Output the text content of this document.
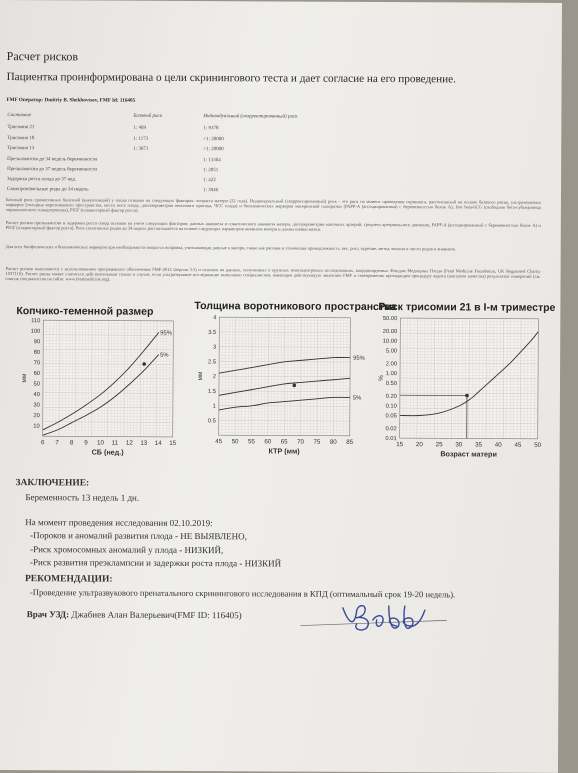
Расчет рисков
Пациентка проинформирована о цели скринингового теста и дает согласие на его проведение.
FMF Оператор: Dmitriy B. Shekhovtsov, FMF Id: 116405
Состояние	Базовый риск	Индивидуальный (скорректированный) риск
Трисомия 21	1: 469	1: 9378
Трисомия 18	1: 1173	<1: 20000
Трисомия 13	1: 3671	<1: 20000
Преэклампсия до 34 недель беременности	1: 13304
Преэклампсия до 37 недель беременности	1: 2051
Задержка роста плода до 37 нед.	1: 422
Самопроизвольные роды до 34 недель	1: 3946
Базовый риск хромосомных болезней (анеуплоидий) у плода основан на следующих факторах: возраста матери (32 года). Индивидуальный (скорректированный) риск - это риск на момент проведения скрининга, рассчитанный на основе базового риска, ультразвуковых маркеров (толщина воротникового пространства, кости носа плода, допплерометрия венозного протока, ЧСС плода) и биохимических маркеров материнской сыворотки (PAPP-A (ассоциированный с беременностью белок А), free beta-hCG (свободная бета-субъединица хорионического гонадотропина), PlGF (плацентарный фактор роста).
Расчет рисков преэклампсии и задержки роста плода основан на учете следующих факторов: данных анамнеза и соматического анамнеза матери, допплерометрии маточных артерий, среднего артериального давления, PAPP-A (ассоциированный с беременностью белок А) и PlGF (плацентарный фактор роста). Риск спонтанных родов до 34 недель рассчитывается на основе следующих параметров анамнеза матери и длины шейки матки.
Для всех биофизических и биохимических маркеров при необходимости вводится поправка, учитывающая данные о матери, такие как расовая и этническая принадлежность, вес, рост, курение, метод зачатия и число родов в анамнезе.
Расчет рисков выполняется с использованием программного обеспечения FMF-2012 (версия 3.5) и основан на данных, полученных в крупных многоцентровых исследованиях, координируемых Фондом Медицины Плода (Fetal Medicine Foundation, UK Registered Charity 1037116). Расчет риска может считаться действительным только в случае, если ультразвуковое исследование выполнено специалистом, имеющим действующую лицензию FMF и своевременно проходящим процедуру аудита (контроля качества) результатов измерений (см. список специалистов на сайте: www.fetalmedicine.org).
Копчико-теменной размер	Толщина воротникового пространства
Риск трисомии 21 в I-м триместре
6 7 8 9 10 11 12 13 14 15
10
20
30
40
50
60
70
80
90
100
110
СБ (нед.)
мм
95%
5%
45 50 55 60 65 70 75 80 85
0.5
1
1.5
2
2.5
3
3.5
4
КТР (мм)
мм
95%
5%
15 20 25 30 35 40 45 50
0.01
0.02
0.05
0.10
0.20
0.50
1.00
2.00
5.00
10.00
20.00
50.00
Возраст матери
%
ЗАКЛЮЧЕНИЕ:
Беременность 13 недель 1 дн.
На момент проведения исследования 02.10.2019:
-Пороков и аномалий развития плода - НЕ ВЫЯВЛЕНО,
-Риск хромосомных аномалий у плода - НИЗКИЙ,
-Риск развития преэклампсии и задержки роста плода - НИЗКИЙ
РЕКОМЕНДАЦИИ:
-Проведение ультразвукового пренатального скринингового исследования в КПД (оптимальный срок 19-20 недель).
Врач УЗД: Джабиев Алан Валерьевич(FMF ID: 116405)
